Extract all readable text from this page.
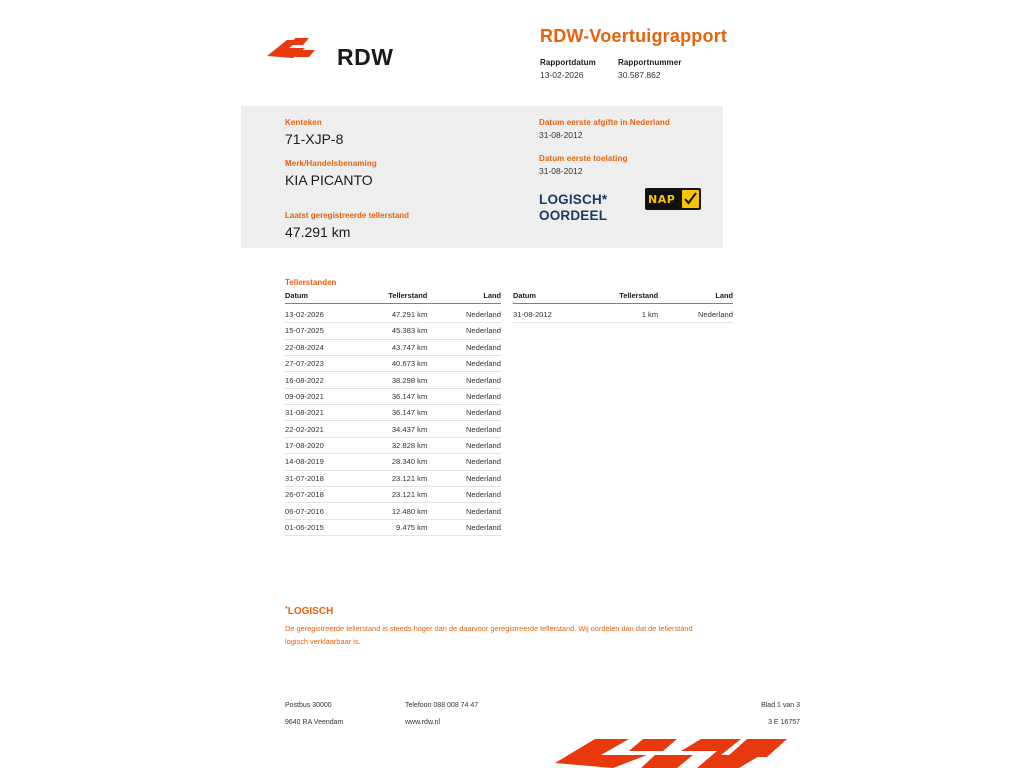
RDW
RDW-Voertuigrapport
Rapportdatum
13-02-2026
Rapportnummer
30.587.862
Kenteken
71-XJP-8
Merk/Handelsbenaming
KIA PICANTO
Laatst geregistreerde tellerstand
47.291 km
Datum eerste afgifte in Nederland
31-08-2012
Datum eerste toelating
31-08-2012
LOGISCH*
OORDEEL
NAP
Tellerstanden
Datum	Tellerstand	Land
13-02-2026	47.291 km	Nederland
15-07-2025	45.383 km	Nederland
22-08-2024	43.747 km	Nederland
27-07-2023	40.673 km	Nederland
16-08-2022	38.298 km	Nederland
09-09-2021	36.147 km	Nederland
31-08-2021	36.147 km	Nederland
22-02-2021	34.437 km	Nederland
17-08-2020	32.828 km	Nederland
14-08-2019	28.340 km	Nederland
31-07-2018	23.121 km	Nederland
26-07-2018	23.121 km	Nederland
06-07-2016	12.480 km	Nederland
01-06-2015	9.475 km	Nederland
Datum	Tellerstand	Land
31-08-2012	1 km	Nederland
*LOGISCH
De geregistreerde tellerstand is steeds hoger dan de daarvoor geregistreerde tellerstand. Wij oordelen dan dat de tellerstand logisch verklaarbaar is.
Postbus 30000
9640 RA Veendam
Telefoon 088 008 74 47
www.rdw.nl
Blad 1 van 3
3 E 16757
